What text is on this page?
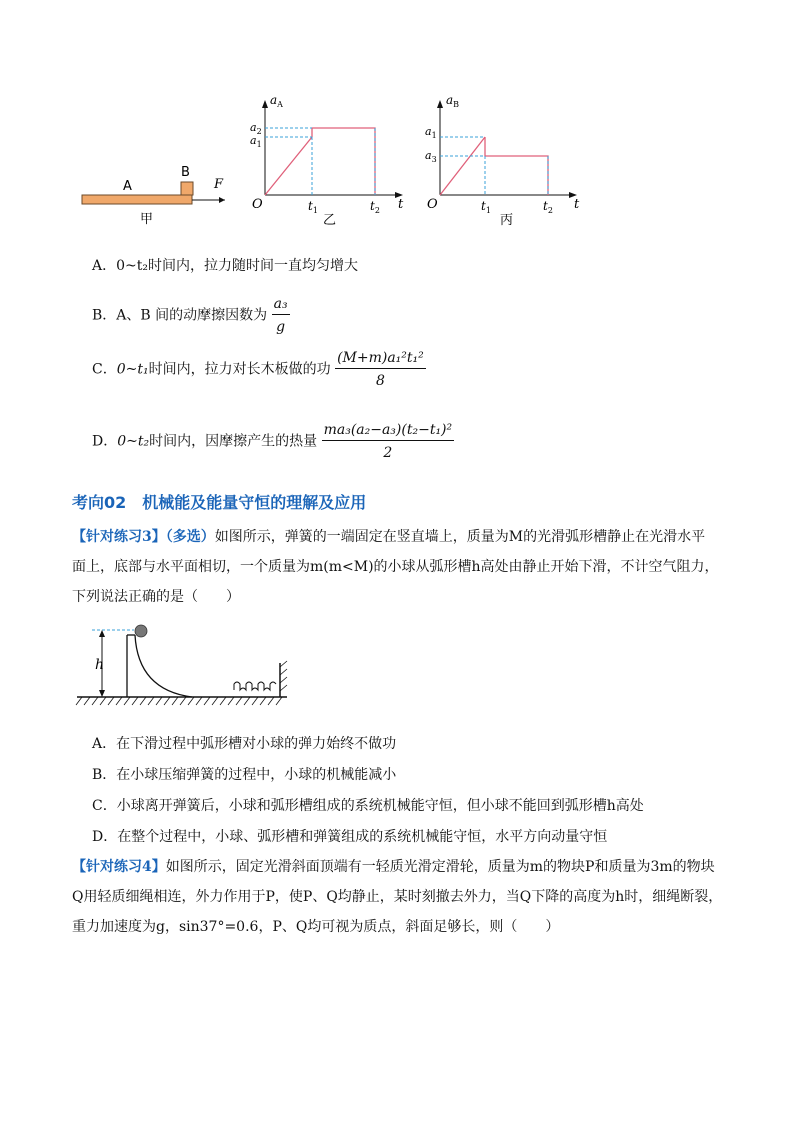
A
B
F
甲
$a_A$
$a_2$
$a_1$
O	$t_1$	$t_2$ t
乙
$a_B$
$a_1$
$a_3$
O	$t_1$	$t_2$ t
丙
A．0~t₂时间内，拉力随时间一直均匀增大
B．A、B 间的动摩擦因数为 $\frac{\text{a₃}}{g}$
C．0~t₁时间内，拉力对长木板做的功 $\frac{\text{(M+m)a₁²t₁²}}{8}$
D．0~t₂时间内，因摩擦产生的热量 $\frac{\text{ma₃(a₂−a₃)(t₂−t₁)²}}{2}$
考向02　机械能及能量守恒的理解及应用
【针对练习3】（多选）如图所示，弹簧的一端固定在竖直墙上，质量为M的光滑弧形槽静止在光滑水平
面上，底部与水平面相切，一个质量为m(m<M)的小球从弧形槽h高处由静止开始下滑，不计空气阻力，
下列说法正确的是（　　）
h
A．在下滑过程中弧形槽对小球的弹力始终不做功
B．在小球压缩弹簧的过程中，小球的机械能减小
C．小球离开弹簧后，小球和弧形槽组成的系统机械能守恒，但小球不能回到弧形槽h高处
D．在整个过程中，小球、弧形槽和弹簧组成的系统机械能守恒，水平方向动量守恒
【针对练习4】如图所示，固定光滑斜面顶端有一轻质光滑定滑轮，质量为m的物块P和质量为3m的物块
Q用轻质细绳相连，外力作用于P，使P、Q均静止，某时刻撤去外力，当Q下降的高度为h时，细绳断裂，
重力加速度为g，sin37°=0.6，P、Q均可视为质点，斜面足够长，则（　　）
